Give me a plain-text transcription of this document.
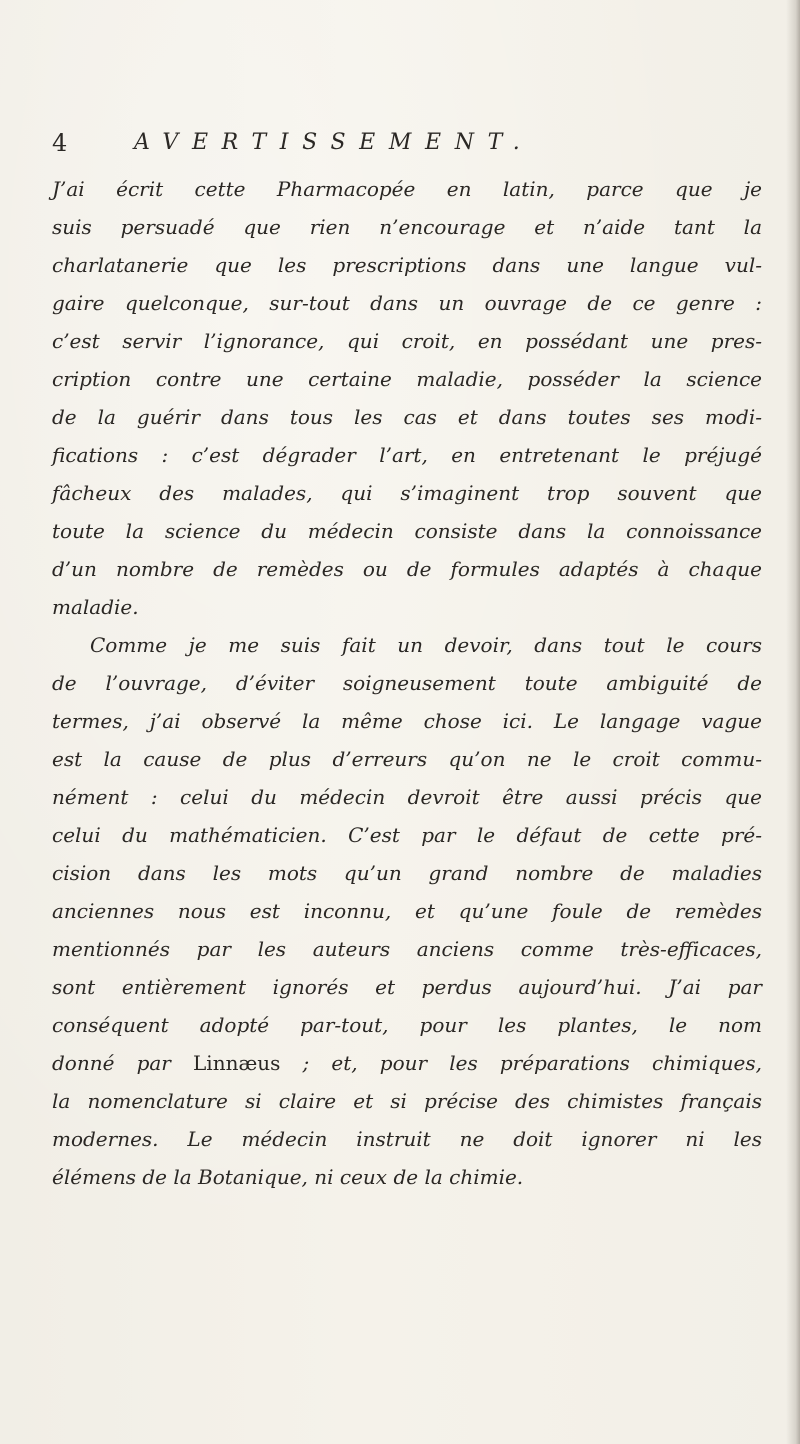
4	AVERTISSEMENT.
J’ai écrit cette Pharmacopée en latin, parce que je
suis persuadé que rien n’encourage et n’aide tant la
charlatanerie que les prescriptions dans une langue vul-
gaire quelconque, sur-tout dans un ouvrage de ce genre :
c’est servir l’ignorance, qui croit, en possédant une pres-
cription contre une certaine maladie, posséder la science
de la guérir dans tous les cas et dans toutes ses modi-
fications : c’est dégrader l’art, en entretenant le préjugé
fâcheux des malades, qui s’imaginent trop souvent que
toute la science du médecin consiste dans la connoissance
d’un nombre de remèdes ou de formules adaptés à chaque
maladie.
Comme je me suis fait un devoir, dans tout le cours
de l’ouvrage, d’éviter soigneusement toute ambiguité de
termes, j’ai observé la même chose ici. Le langage vague
est la cause de plus d’erreurs qu’on ne le croit commu-
nément : celui du médecin devroit être aussi précis que
celui du mathématicien. C’est par le défaut de cette pré-
cision dans les mots qu’un grand nombre de maladies
anciennes nous est inconnu, et qu’une foule de remèdes
mentionnés par les auteurs anciens comme très-efficaces,
sont entièrement ignorés et perdus aujourd’hui. J’ai par
conséquent adopté par-tout, pour les plantes, le nom
donné par Linnæus ; et, pour les préparations chimiques,
la nomenclature si claire et si précise des chimistes français
modernes. Le médecin instruit ne doit ignorer ni les
élémens de la Botanique, ni ceux de la chimie.
